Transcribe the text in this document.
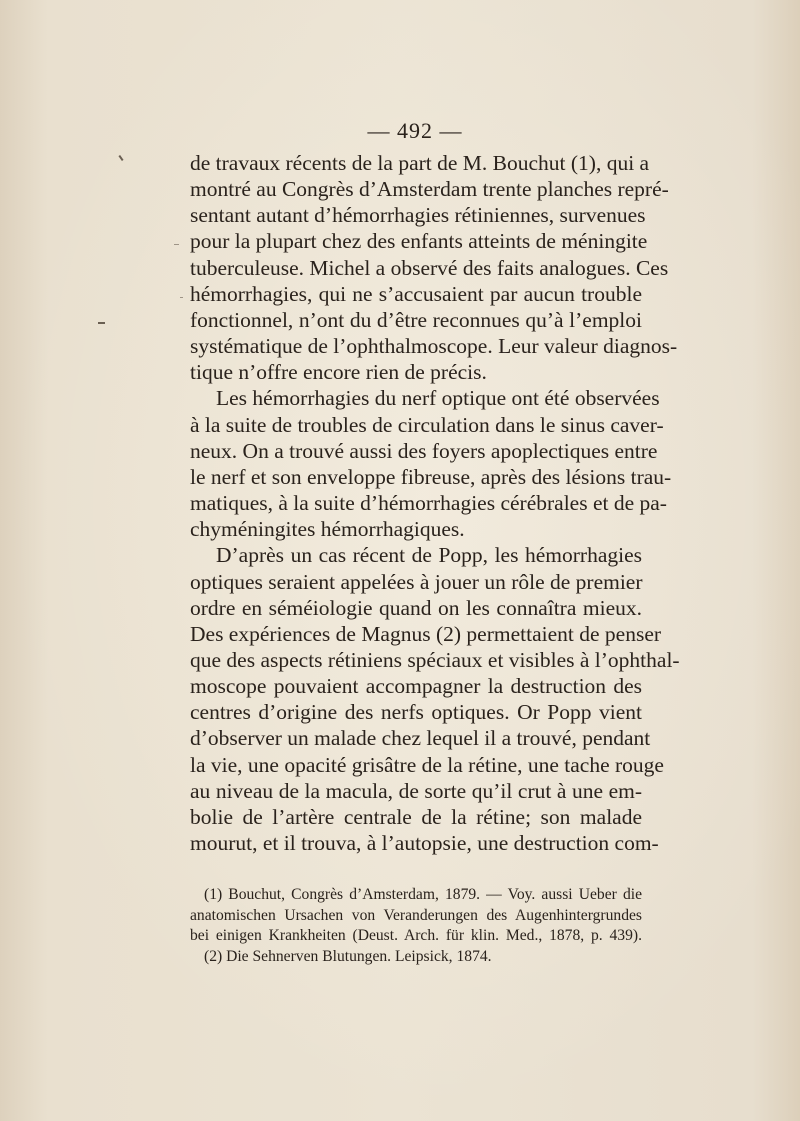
— 492 —
de travaux récents de la part de M. Bouchut (1), qui a
montré au Congrès d’Amsterdam trente planches repré-
sentant autant d’hémorrhagies rétiniennes, survenues
pour la plupart chez des enfants atteints de méningite
tuberculeuse. Michel a observé des faits analogues. Ces
hémorrhagies, qui ne s’accusaient par aucun trouble
fonctionnel, n’ont du d’être reconnues qu’à l’emploi
systématique de l’ophthalmoscope. Leur valeur diagnos-
tique n’offre encore rien de précis.
Les hémorrhagies du nerf optique ont été observées
à la suite de troubles de circulation dans le sinus caver-
neux. On a trouvé aussi des foyers apoplectiques entre
le nerf et son enveloppe fibreuse, après des lésions trau-
matiques, à la suite d’hémorrhagies cérébrales et de pa-
chyméningites hémorrhagiques.
D’après un cas récent de Popp, les hémorrhagies
optiques seraient appelées à jouer un rôle de premier
ordre en séméiologie quand on les connaîtra mieux.
Des expériences de Magnus (2) permettaient de penser
que des aspects rétiniens spéciaux et visibles à l’ophthal-
moscope pouvaient accompagner la destruction des
centres d’origine des nerfs optiques. Or Popp vient
d’observer un malade chez lequel il a trouvé, pendant
la vie, une opacité grisâtre de la rétine, une tache rouge
au niveau de la macula, de sorte qu’il crut à une em-
bolie de l’artère centrale de la rétine; son malade
mourut, et il trouva, à l’autopsie, une destruction com-
(1) Bouchut, Congrès d’Amsterdam, 1879. — Voy. aussi Ueber die
anatomischen Ursachen von Veranderungen des Augenhintergrundes
bei einigen Krankheiten (Deust. Arch. für klin. Med., 1878, p. 439).
(2) Die Sehnerven Blutungen. Leipsick, 1874.
